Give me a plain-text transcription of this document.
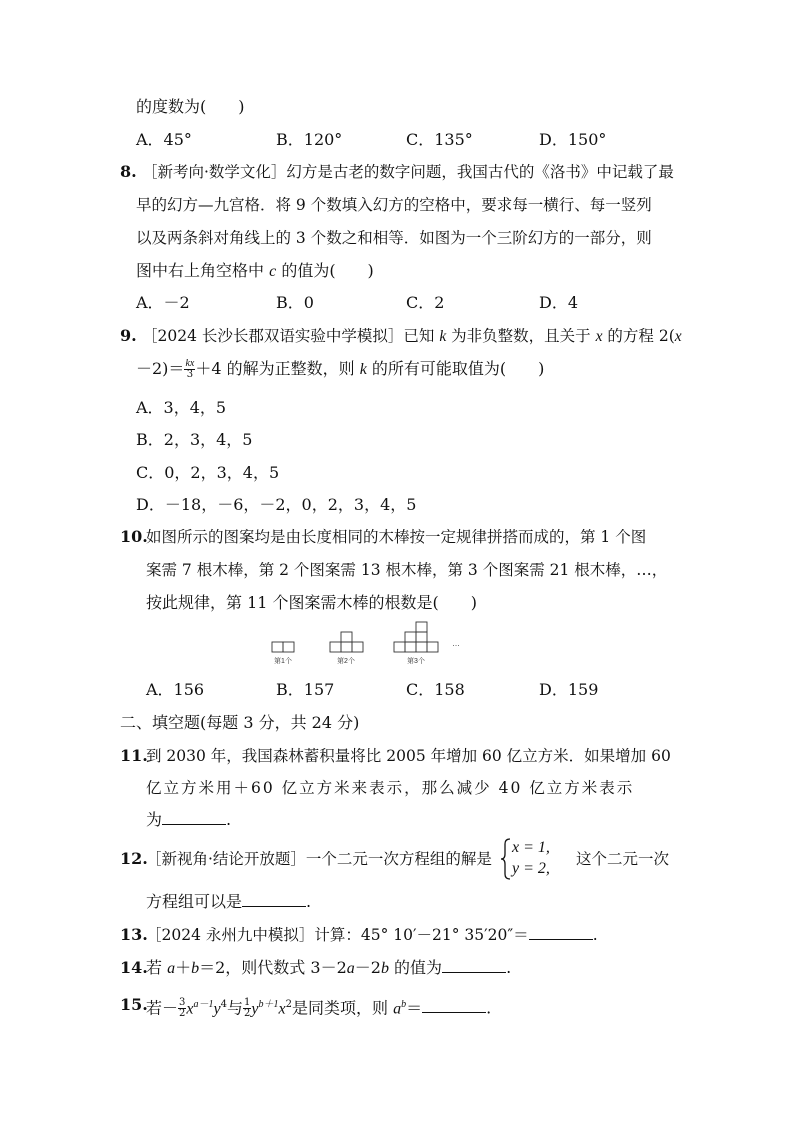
的度数为(　　)
A．45°	B．120°	C．135°	D．150°
8. ［新考向·数学文化］幻方是古老的数字问题，我国古代的《洛书》中记载了最
早的幻方—九宫格．将 9 个数填入幻方的空格中，要求每一横行、每一竖列
以及两条斜对角线上的 3 个数之和相等．如图为一个三阶幻方的一部分，则
图中右上角空格中 c 的值为(　　)
A．－2	B．0	C．2	D．4
9. ［2024 长沙长郡双语实验中学模拟］已知 k 为非负整数，且关于 x 的方程 2(x
$-2)= \frac{kx}{3} +4$ 的解为正整数，则 k 的所有可能取值为(　　)
A．3，4，5
B．2，3，4，5
C．0，2，3，4，5
D．－18，－6，－2，0，2，3，4，5
10.
如图所示的图案均是由长度相同的木棒按一定规律拼搭而成的，第 1 个图
案需 7 根木棒，第 2 个图案需 13 根木棒，第 3 个图案需 21 根木棒，…，
按此规律，第 11 个图案需木棒的根数是(　　)
第1个	第2个	第3个
…
A．156	B．157	C．158	D．159
二、填空题(每题 3 分，共 24 分)
11.
到 2030 年，我国森林蓄积量将比 2005 年增加 60 亿立方米．如果增加 60
亿立方米用＋60 亿立方米来表示，那么减少 40 亿立方米表示
为	.
12.
［新视角·结论开放题］一个二元一次方程组的解是
x = 1,
y = 2,
这个二元一次
方程组可以是	.
13.
［2024 永州九中模拟］计算：45° 10′－21° 35′20″＝	.
14.
若 a＋b＝2，则代数式 3－2a－2b 的值为	.
15.
若－ $\frac{3}{2} x^{a-1}y^4$与 $\frac{1}{2} y^{b+1}x^2$是同类项，则 $a^b=$	.
